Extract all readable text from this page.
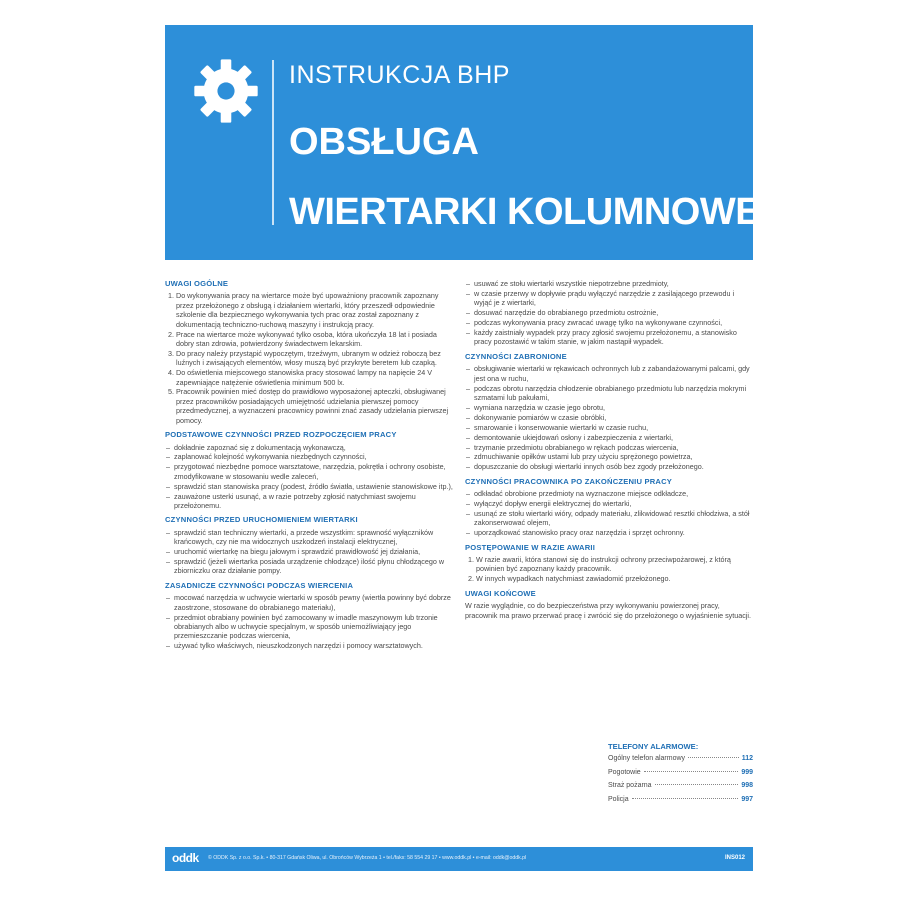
INSTRUKCJA BHP
OBSŁUGA
WIERTARKI KOLUMNOWEJ
UWAGI OGÓLNE
1. Do wykonywania pracy na wiertarce może być upoważniony pracownik zapoznany przez przełożonego z obsługą i działaniem wiertarki, który przeszedł odpowiednie szkolenie dla bezpiecznego wykonywania tych prac oraz został zapoznany z dokumentacją techniczno-ruchową maszyny i instrukcją pracy.
2. Prace na wiertarce może wykonywać tylko osoba, która ukończyła 18 lat i posiada dobry stan zdrowia, potwierdzony świadectwem lekarskim.
3. Do pracy należy przystąpić wypoczętym, trzeźwym, ubranym w odzież roboczą bez luźnych i zwisających elementów, włosy muszą być przykryte beretem lub czapką.
4. Do oświetlenia miejscowego stanowiska pracy stosować lampy na napięcie 24 V zapewniające natężenie oświetlenia minimum 500 lx.
5. Pracownik powinien mieć dostęp do prawidłowo wyposażonej apteczki, obsługiwanej przez pracowników posiadających umiejętność udzielania pierwszej pomocy przedmedycznej, a wyznaczeni pracownicy powinni znać zasady udzielania pierwszej pomocy.
PODSTAWOWE CZYNNOŚCI PRZED ROZPOCZĘCIEM PRACY
– dokładnie zapoznać się z dokumentacją wykonawczą,
– zaplanować kolejność wykonywania niezbędnych czynności,
– przygotować niezbędne pomoce warsztatowe, narzędzia, pokrętła i ochrony osobiste, zmodyfikowane w stosowaniu wedle zaleceń,
– sprawdzić stan stanowiska pracy (podest, źródło światła, ustawienie stanowiskowe itp.),
– zauważone usterki usunąć, a w razie potrzeby zgłosić natychmiast swojemu przełożonemu.
CZYNNOŚCI PRZED URUCHOMIENIEM WIERTARKI
– sprawdzić stan techniczny wiertarki, a przede wszystkim: sprawność wyłączników krańcowych, czy nie ma widocznych uszkodzeń instalacji elektrycznej,
– uruchomić wiertarkę na biegu jałowym i sprawdzić prawidłowość jej działania,
– sprawdzić (jeżeli wiertarka posiada urządzenie chłodzące) ilość płynu chłodzącego w zbiorniczku oraz działanie pompy.
ZASADNICZE CZYNNOŚCI PODCZAS WIERCENIA
– mocować narzędzia w uchwycie wiertarki w sposób pewny (wiertła powinny być dobrze zaostrzone, stosowane do obrabianego materiału),
– przedmiot obrabiany powinien być zamocowany w imadle maszynowym lub trzonie obrabianych albo w uchwycie specjalnym, w sposób uniemożliwiający jego przemieszczanie podczas wiercenia,
– używać tylko właściwych, nieuszkodzonych narzędzi i pomocy warsztatowych.
– usuwać ze stołu wiertarki wszystkie niepotrzebne przedmioty,
– w czasie przerwy w dopływie prądu wyłączyć narzędzie z zasilającego przewodu i wyjąć je z wiertarki,
– dosuwać narzędzie do obrabianego przedmiotu ostrożnie,
– podczas wykonywania pracy zwracać uwagę tylko na wykonywane czynności,
– każdy zaistniały wypadek przy pracy zgłosić swojemu przełożonemu, a stanowisko pracy pozostawić w takim stanie, w jakim nastąpił wypadek.
CZYNNOŚCI ZABRONIONE
– obsługiwanie wiertarki w rękawicach ochronnych lub z zabandażowanymi palcami, gdy jest ona w ruchu,
– podczas obrotu narzędzia chłodzenie obrabianego przedmiotu lub narzędzia mokrymi szmatami lub pakułami,
– wymiana narzędzia w czasie jego obrotu,
– dokonywanie pomiarów w czasie obróbki,
– smarowanie i konserwowanie wiertarki w czasie ruchu,
– demontowanie ukiejdowań osłony i zabezpieczenia z wiertarki,
– trzymanie przedmiotu obrabianego w rękach podczas wiercenia,
– zdmuchiwanie opiłków ustami lub przy użyciu sprężonego powietrza,
– dopuszczanie do obsługi wiertarki innych osób bez zgody przełożonego.
CZYNNOŚCI PRACOWNIKA PO ZAKOŃCZENIU PRACY
– odkładać obrobione przedmioty na wyznaczone miejsce odkładcze,
– wyłączyć dopływ energii elektrycznej do wiertarki,
– usunąć ze stołu wiertarki wióry, odpady materiału, zlikwidować resztki chłodziwa, a stół zakonserwować olejem,
– uporządkować stanowisko pracy oraz narzędzia i sprzęt ochronny.
POSTĘPOWANIE W RAZIE AWARII
1. W razie awarii, która stanowi się do instrukcji ochrony przeciwpożarowej, z którą powinien być zapoznany każdy pracownik.
2. W innych wypadkach natychmiast zawiadomić przełożonego.
UWAGI KOŃCOWE

W razie wyglądnie, co do bezpieczeństwa przy wykonywaniu powierzonej pracy, pracownik ma prawo przerwać pracę i zwrócić się do przełożonego o wyjaśnienie sytuacji.

TELEFONY ALARMOWE:
Ogólny telefon alarmowy	112
Pogotowie	999
Straż pożarna	998
Policja	997
oddk © ODDK Sp. z o.o. Sp.k. • 80-317 Gdańsk Oliwa, ul. Obrońców Wybrzeża 1 • tel./faks: 58 554 29 17 • www.oddk.pl • e-mail: oddk@oddk.pl	INS012
